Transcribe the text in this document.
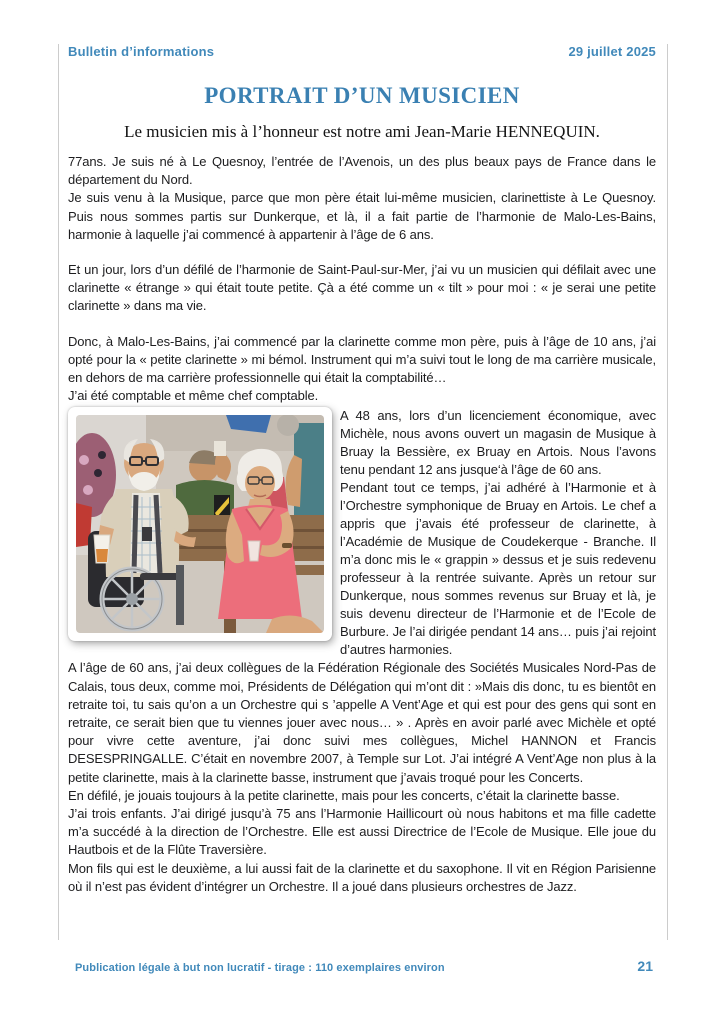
Bulletin d’informations	29 juillet 2025
PORTRAIT D’UN MUSICIEN

Le musicien mis à l’honneur est notre ami Jean-Marie HENNEQUIN.

77ans. Je suis né à Le Quesnoy, l’entrée de l’Avenois, un des plus beaux pays de France dans le département du Nord.

Je suis venu à la Musique, parce que mon père était lui-même musicien, clarinettiste à Le Quesnoy. Puis nous sommes partis sur Dunkerque, et là, il a fait partie de l’harmonie de Malo-Les-Bains, harmonie à laquelle j’ai commencé à appartenir à l’âge de 6 ans.

Et un jour, lors d’un défilé de l’harmonie de Saint-Paul-sur-Mer, j’ai vu un musicien qui défilait avec une clarinette « étrange » qui était toute petite. Çà a été comme un « tilt » pour moi : « je serai une petite clarinette » dans ma vie.

Donc, à Malo-Les-Bains, j’ai commencé par la clarinette comme mon père, puis à l’âge de 10 ans, j’ai opté pour la « petite clarinette » mi bémol. Instrument qui m’a suivi tout le long de ma carrière musicale, en dehors de ma carrière professionnelle qui était la comptabilité…

J’ai été comptable et même chef comptable.

A 48 ans, lors d’un licenciement économique, avec Michèle, nous avons ouvert un magasin de Musique à Bruay la Bessière, ex Bruay en Artois. Nous l’avons tenu pendant 12 ans jusque‘à l’âge de 60 ans.

Pendant tout ce temps, j’ai adhéré à l’Harmonie et à l’Orchestre symphonique de Bruay en Artois. Le chef a appris que j’avais été professeur de clarinette, à l’Académie de Musique de Coudekerque - Branche. Il m’a donc mis le « grappin » dessus et je suis redevenu professeur à la rentrée suivante. Après un retour sur Dunkerque, nous sommes revenus sur Bruay et là, je suis devenu directeur de l’Harmonie et de l’Ecole de Burbure. Je l’ai dirigée pendant 14 ans… puis j’ai rejoint d’autres harmonies.

A l’âge de 60 ans, j’ai deux collègues de la Fédération Régionale des Sociétés Musicales Nord-Pas de Calais, tous deux, comme moi, Présidents de Délégation qui m’ont dit : »Mais dis donc, tu es bientôt en retraite toi, tu sais qu’on a un Orchestre qui s ’appelle A Vent’Age et qui est pour des gens qui sont en retraite, ce serait bien que tu viennes jouer avec nous… » . Après en avoir parlé avec Michèle et opté pour vivre cette aventure, j’ai donc suivi mes collègues, Michel HANNON et Francis DESESPRINGALLE. C’était en novembre 2007, à Temple sur Lot. J’ai intégré A Vent’Age non plus à la petite clarinette, mais à la clarinette basse, instrument que j’avais troqué pour les Concerts.

En défilé, je jouais toujours à la petite clarinette, mais pour les concerts, c’était la clarinette basse.

J’ai trois enfants. J’ai dirigé jusqu’à 75 ans l’Harmonie Haillicourt où nous habitons et ma fille cadette m’a succédé à la direction de l’Orchestre. Elle est aussi Directrice de l’Ecole de Musique. Elle joue du Hautbois et de la Flûte Traversière.

Mon fils qui est le deuxième, a lui aussi fait de la clarinette et du saxophone. Il vit en Région Parisienne où il n’est pas évident d’intégrer un Orchestre. Il a joué dans plusieurs orchestres de Jazz.

Publication légale à but non lucratif - tirage : 110 exemplaires environ	21
